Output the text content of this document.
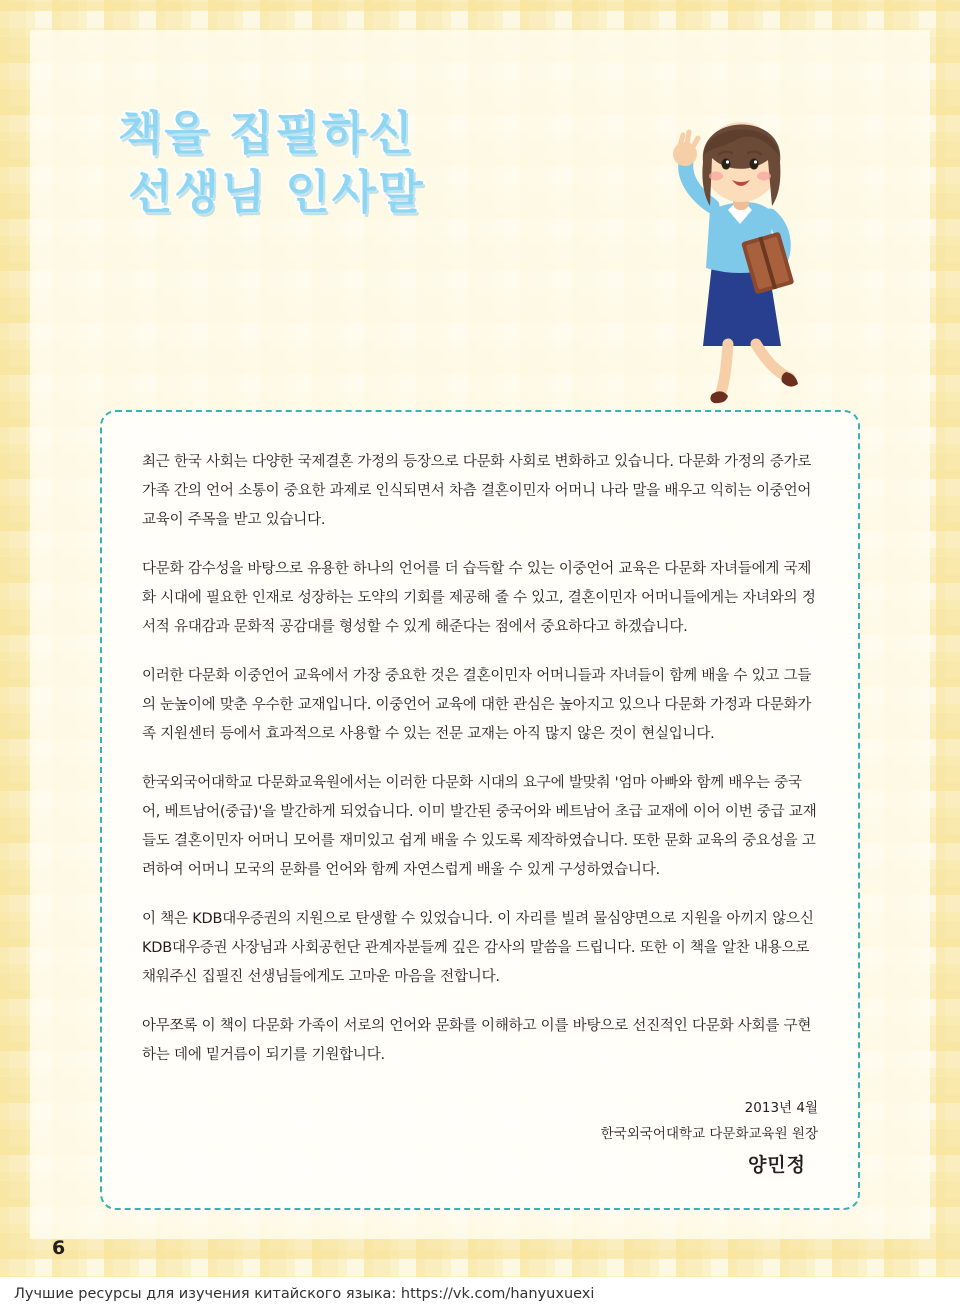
책을 집필하신
선생님 인사말

최근 한국 사회는 다양한 국제결혼 가정의 등장으로 다문화 사회로 변화하고 있습니다. 다문화 가정의 증가로 가족 간의 언어 소통이 중요한 과제로 인식되면서 차츰 결혼이민자 어머니 나라 말을 배우고 익히는 이중언어 교육이 주목을 받고 있습니다.

다문화 감수성을 바탕으로 유용한 하나의 언어를 더 습득할 수 있는 이중언어 교육은 다문화 자녀들에게 국제화 시대에 필요한 인재로 성장하는 도약의 기회를 제공해 줄 수 있고, 결혼이민자 어머니들에게는 자녀와의 정서적 유대감과 문화적 공감대를 형성할 수 있게 해준다는 점에서 중요하다고 하겠습니다.

이러한 다문화 이중언어 교육에서 가장 중요한 것은 결혼이민자 어머니들과 자녀들이 함께 배울 수 있고 그들의 눈높이에 맞춘 우수한 교재입니다. 이중언어 교육에 대한 관심은 높아지고 있으나 다문화 가정과 다문화가족 지원센터 등에서 효과적으로 사용할 수 있는 전문 교재는 아직 많지 않은 것이 현실입니다.

한국외국어대학교 다문화교육원에서는 이러한 다문화 시대의 요구에 발맞춰 '엄마 아빠와 함께 배우는 중국어, 베트남어(중급)'을 발간하게 되었습니다. 이미 발간된 중국어와 베트남어 초급 교재에 이어 이번 중급 교재들도 결혼이민자 어머니 모어를 재미있고 쉽게 배울 수 있도록 제작하였습니다. 또한 문화 교육의 중요성을 고려하여 어머니 모국의 문화를 언어와 함께 자연스럽게 배울 수 있게 구성하였습니다.

이 책은 KDB대우증권의 지원으로 탄생할 수 있었습니다. 이 자리를 빌려 물심양면으로 지원을 아끼지 않으신 KDB대우증권 사장님과 사회공헌단 관계자분들께 깊은 감사의 말씀을 드립니다. 또한 이 책을 알찬 내용으로 채워주신 집필진 선생님들에게도 고마운 마음을 전합니다.

아무쪼록 이 책이 다문화 가족이 서로의 언어와 문화를 이해하고 이를 바탕으로 선진적인 다문화 사회를 구현하는 데에 밑거름이 되기를 기원합니다.

2013년 4월
한국외국어대학교 다문화교육원 원장
양민정
6
Лучшие ресурсы для изучения китайского языка: https://vk.com/hanyuxuexi
